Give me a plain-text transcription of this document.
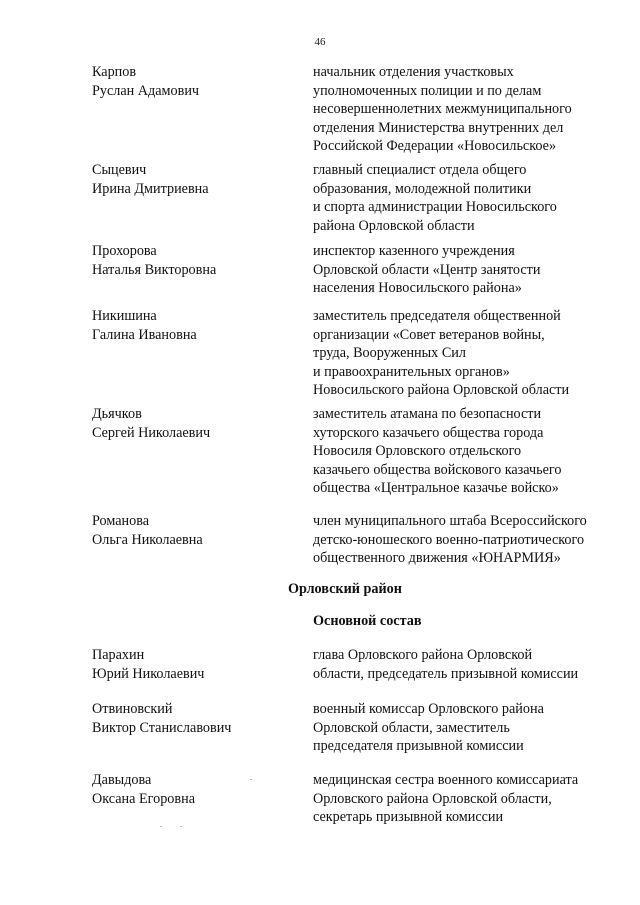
46
Карпов
Руслан Адамович
начальник отделения участковых
уполномоченных полиции и по делам
несовершеннолетних межмуниципального
отделения Министерства внутренних дел
Российской Федерации «Новосильское»
Сыцевич
Ирина Дмитриевна
главный специалист отдела общего
образования, молодежной политики
и спорта администрации Новосильского
района Орловской области
Прохорова
Наталья Викторовна
инспектор казенного учреждения
Орловской области «Центр занятости
населения Новосильского района»
Никишина
Галина Ивановна
заместитель председателя общественной
организации «Совет ветеранов войны,
труда, Вооруженных Сил
и правоохранительных органов»
Новосильского района Орловской области
Дьячков
Сергей Николаевич
заместитель атамана по безопасности
хуторского казачьего общества города
Новосиля Орловского отдельского
казачьего общества войскового казачьего
общества «Центральное казачье войско»
Романова
Ольга Николаевна
член муниципального штаба Всероссийского
детско-юношеского военно-патриотического
общественного движения «ЮНАРМИЯ»
Орловский район
Основной состав
Парахин
Юрий Николаевич
глава Орловского района Орловской
области, председатель призывной комиссии
Отвиновский
Виктор Станиславович
военный комиссар Орловского района
Орловской области, заместитель
председателя призывной комиссии
Давыдова
Оксана Егоровна
медицинская сестра военного комиссариата
Орловского района Орловской области,
секретарь призывной комиссии
